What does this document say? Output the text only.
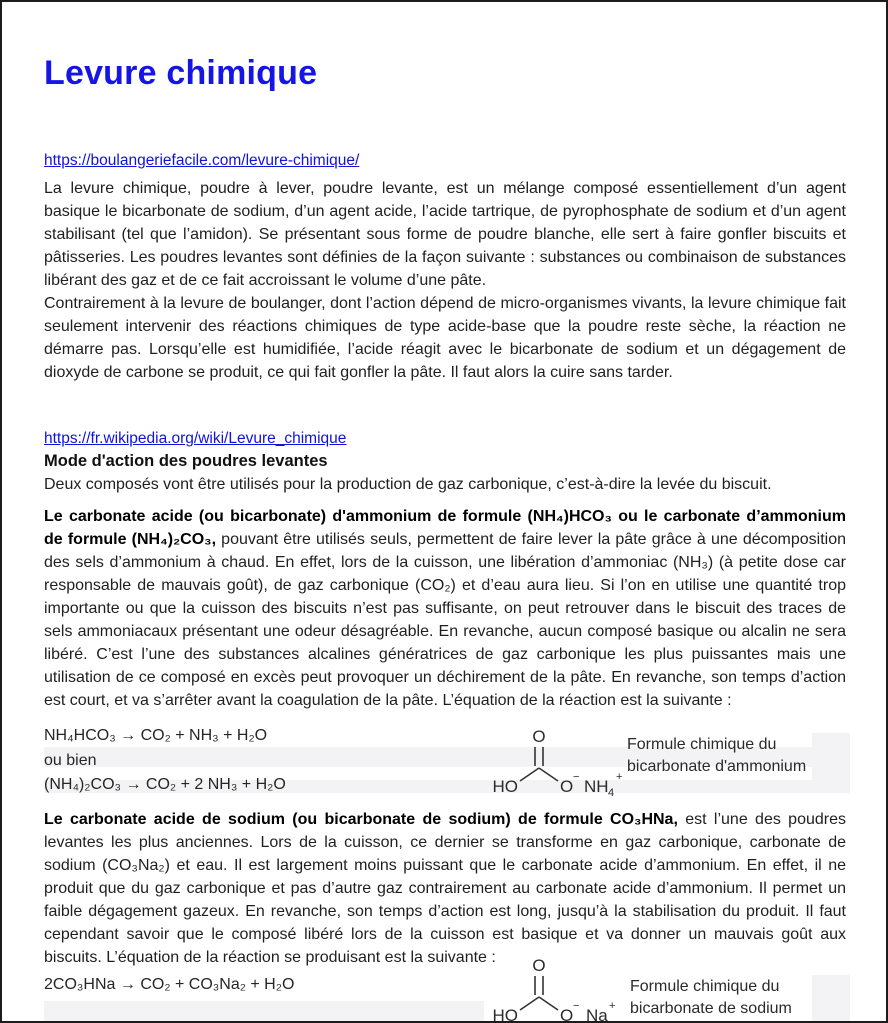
Levure chimique
https://boulangeriefacile.com/levure-chimique/

La levure chimique, poudre à lever, poudre levante, est un mélange composé essentiellement d’un agent basique le bicarbonate de sodium, d’un agent acide, l’acide tartrique, de pyrophosphate de sodium et d’un agent stabilisant (tel que l’amidon). Se présentant sous forme de poudre blanche, elle sert à faire gonfler biscuits et pâtisseries. Les poudres levantes sont définies de la façon suivante : substances ou combinaison de substances libérant des gaz et de ce fait accroissant le volume d’une pâte.

Contrairement à la levure de boulanger, dont l’action dépend de micro-organismes vivants, la levure chimique fait seulement intervenir des réactions chimiques de type acide-base que la poudre reste sèche, la réaction ne démarre pas. Lorsqu’elle est humidifiée, l’acide réagit avec le bicarbonate de sodium et un dégagement de dioxyde de carbone se produit, ce qui fait gonfler la pâte. Il faut alors la cuire sans tarder.

https://fr.wikipedia.org/wiki/Levure_chimique

Mode d'action des poudres levantes

Deux composés vont être utilisés pour la production de gaz carbonique, c’est-à-dire la levée du biscuit.

Le carbonate acide (ou bicarbonate) d'ammonium de formule (NH₄)HCO₃ ou le carbonate d’ammonium de formule (NH₄)₂CO₃, pouvant être utilisés seuls, permettent de faire lever la pâte grâce à une décomposition des sels d’ammonium à chaud. En effet, lors de la cuisson, une libération d’ammoniac (NH₃) (à petite dose car responsable de mauvais goût), de gaz carbonique (CO₂) et d’eau aura lieu. Si l’on en utilise une quantité trop importante ou que la cuisson des biscuits n’est pas suffisante, on peut retrouver dans le biscuit des traces de sels ammoniacaux présentant une odeur désagréable. En revanche, aucun composé basique ou alcalin ne sera libéré. C’est l’une des substances alcalines génératrices de gaz carbonique les plus puissantes mais une utilisation de ce composé en excès peut provoquer un déchirement de la pâte. En revanche, son temps d’action est court, et va s’arrêter avant la coagulation de la pâte. L’équation de la réaction est la suivante :

NH₄HCO₃ → CO₂ + NH₃ + H₂O
ou bien
(NH₄)₂CO₃ → CO₂ + 2 NH₃ + H₂O
O
HO O − NH 4
+
Formule chimique du bicarbonate d'ammonium

Le carbonate acide de sodium (ou bicarbonate de sodium) de formule CO₃HNa, est l’une des poudres levantes les plus anciennes. Lors de la cuisson, ce dernier se transforme en gaz carbonique, carbonate de sodium (CO₃Na₂) et eau. Il est largement moins puissant que le carbonate acide d’ammonium. En effet, il ne produit que du gaz carbonique et pas d’autre gaz contrairement au carbonate acide d’ammonium. Il permet un faible dégagement gazeux. En revanche, son temps d’action est long, jusqu’à la stabilisation du produit. Il faut cependant savoir que le composé libéré lors de la cuisson est basique et va donner un mauvais goût aux biscuits. L’équation de la réaction se produisant est la suivante :

2CO₃HNa → CO₂ + CO₃Na₂ + H₂O
O
HO O − Na +
Formule chimique du bicarbonate de sodium
